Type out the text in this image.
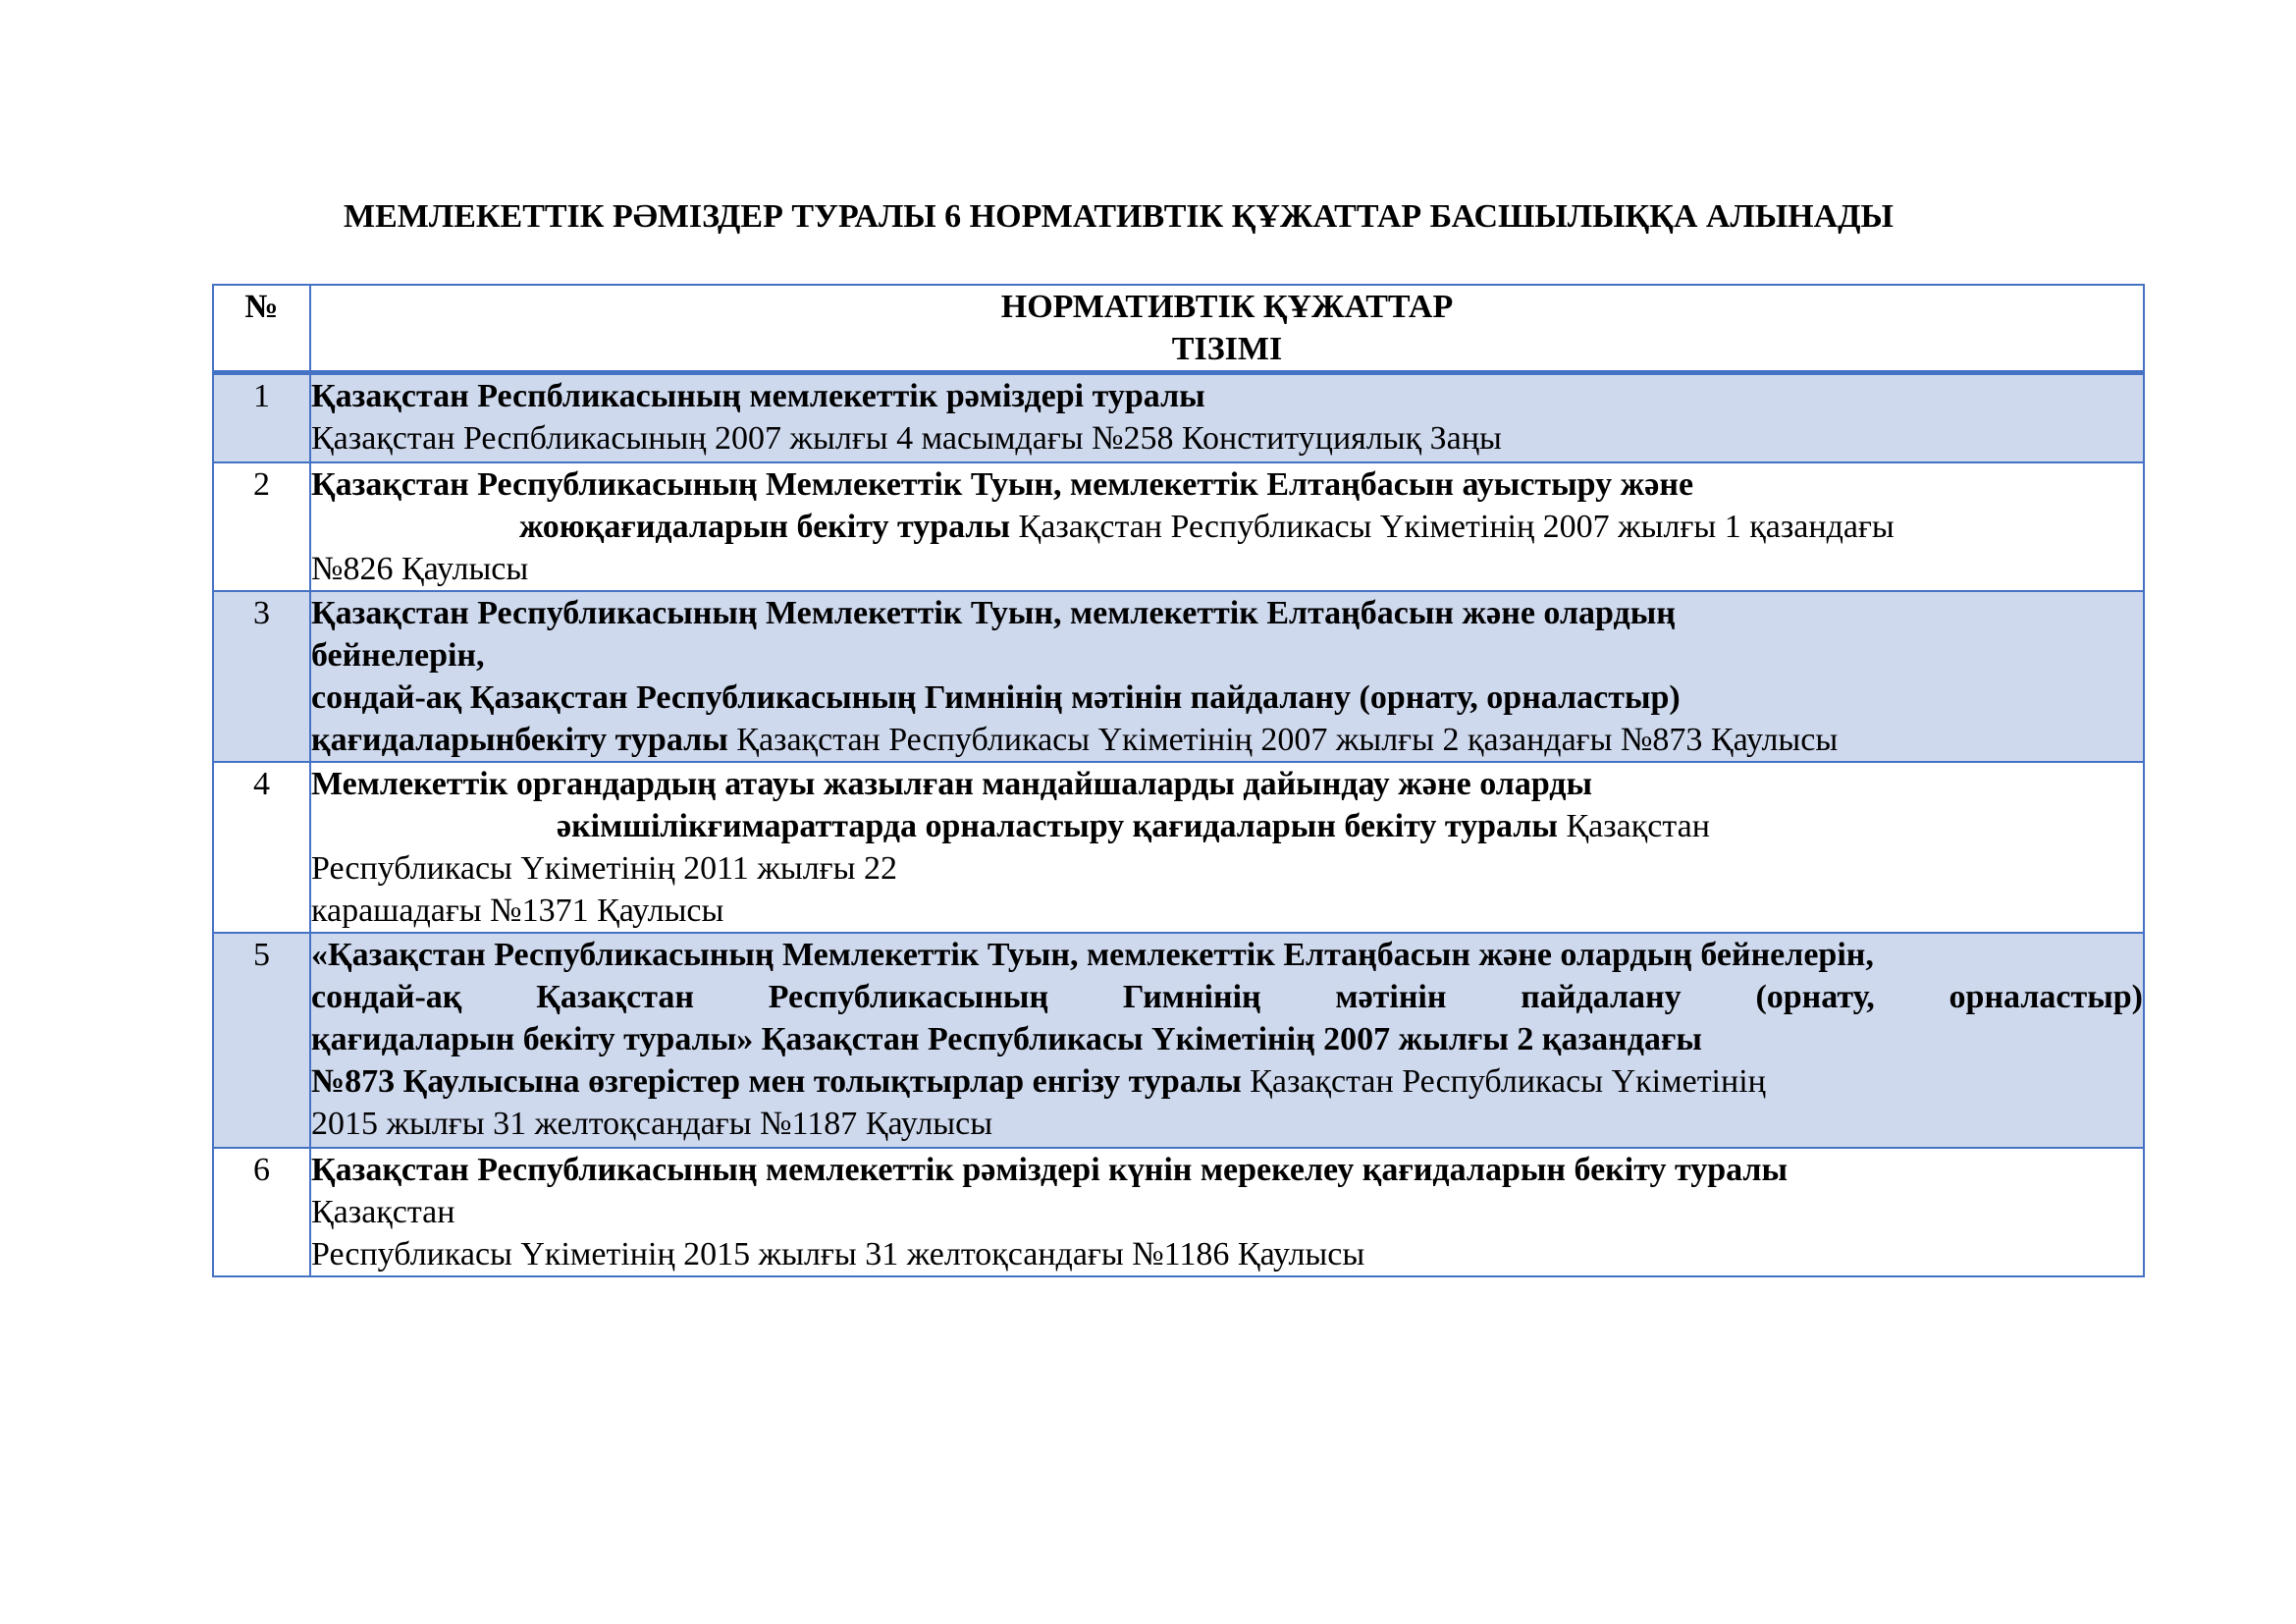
МЕМЛЕКЕТТІК РӘМІЗДЕР ТУРАЛЫ 6 НОРМАТИВТІК ҚҰЖАТТАР БАСШЫЛЫҚҚА АЛЫНАДЫ
№	НОРМАТИВТІК ҚҰЖАТТАР
ТІЗІМІ

1	Қазақстан Респбликасының мемлекеттік рәміздері туралы
Қазақстан Респбликасының 2007 жылғы 4 масымдағы №258 Конституциялық Заңы

2	Қазақстан Республикасының Мемлекеттік Туын, мемлекеттік Елтаңбасын ауыстыру және
жоюқағидаларын бекіту туралы Қазақстан Республикасы Үкіметінің 2007 жылғы 1 қазандағы
№826 Қаулысы

3	Қазақстан Республикасының Мемлекеттік Туын, мемлекеттік Елтаңбасын және олардың
бейнелерін,
сондай-ақ Қазақстан Республикасының Гимнінің мәтінін пайдалану (орнату, орналастыр)
қағидаларынбекіту туралы Қазақстан Республикасы Үкіметінің 2007 жылғы 2 қазандағы №873 Қаулысы

4	Мемлекеттік органдардың атауы жазылған мандайшаларды дайындау және оларды
әкімшілікғимараттарда орналастыру қағидаларын бекіту туралы Қазақстан
Республикасы Үкіметінің 2011 жылғы 22
карашадағы №1371 Қаулысы

5	«Қазақстан Республикасының Мемлекеттік Туын, мемлекеттік Елтаңбасын және олардың бейнелерін,
сондай-ақ Қазақстан Республикасының Гимнінің мәтінін пайдалану (орнату, орналастыр)
қағидаларын бекіту туралы» Қазақстан Республикасы Үкіметінің 2007 жылғы 2 қазандағы
№873 Қаулысына өзгерістер мен толықтырлар енгізу туралы Қазақстан Республикасы Үкіметінің
2015 жылғы 31 желтоқсандағы №1187 Қаулысы

6	Қазақстан Республикасының мемлекеттік рәміздері күнін мерекелеу қағидаларын бекіту туралы
Қазақстан
Республикасы Үкіметінің 2015 жылғы 31 желтоқсандағы №1186 Қаулысы
